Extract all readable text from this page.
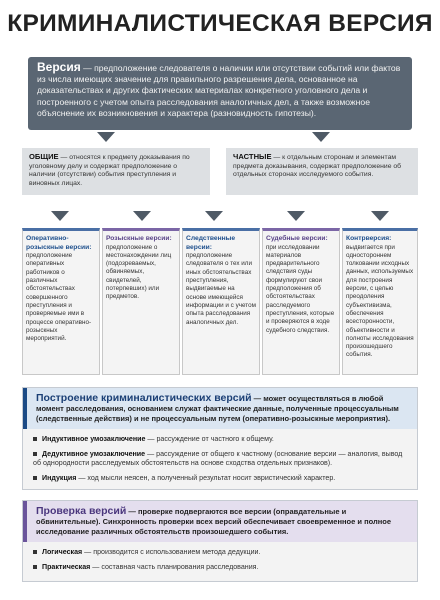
КРИМИНАЛИСТИЧЕСКАЯ ВЕРСИЯ
Версия — предположение следователя о наличии или отсутствии событий или фактов из числа имеющих значение для правильного разрешения дела, основанное на доказательствах и других фактических материалах конкретного уголовного дела и построенного с учетом опыта расследования аналогичных дел, а также возможное объяснение их возникновения и характера (разновидность гипотезы).
ОБЩИЕ — относятся к предмету доказывания по уголовному делу и содержат предположение о наличии (отсутствии) события преступления и виновных лицах.
ЧАСТНЫЕ — к отдельным сторонам и элементам предмета доказывания, содержат предположение об отдельных сторонах исследуемого события.
Оперативно-розыскные версии:
предположение оперативных работников о различных обстоятельствах совершенного преступления и проверяемые ими в процессе оперативно-розыскных мероприятий.
Розыскные версии:
предположение о местонахождении лиц (подозреваемых, обвиняемых, свидетелей, потерпевших) или предметов.
Следственные версии:
предположение следователя о тех или иных обстоятельствах преступления, выдвигаемые на основе имеющейся информации и с учетом опыта расследования аналогичных дел.
Судебные версии:
при исследовании материалов предварительного следствия суды формулируют свои предположения об обстоятельствах расследуемого преступления, которые и проверяются в ходе судебного следствия.
Контрверсия:
выдвигается при одностороннем толковании исходных данных, используемых для построения версии, с целью преодоления субъективизма, обеспечения всесторонности, объективности и полноты исследования произошедшего события.
Построение криминалистических версий — может осуществляться в любой момент расследования, основанием служат фактические данные, полученные процессуальным (следственные действия) и не процессуальным путем (оперативно-розыскные мероприятия).
Индуктивное умозаключение — рассуждение от частного к общему.
Дедуктивное умозаключение — рассуждение от общего к частному (основание версии — аналогия, вывод об однородности расследуемых обстоятельств на основе сходства отдельных признаков).
Индукция — ход мысли неясен, а полученный результат носит эвристический характер.
Проверка версий — проверке подвергаются все версии (оправдательные и обвинительные). Синхронность проверки всех версий обеспечивает своевременное и полное исследование различных обстоятельств произошедшего события.
Логическая — производится с использованием метода дедукции.
Практическая — составная часть планирования расследования.
